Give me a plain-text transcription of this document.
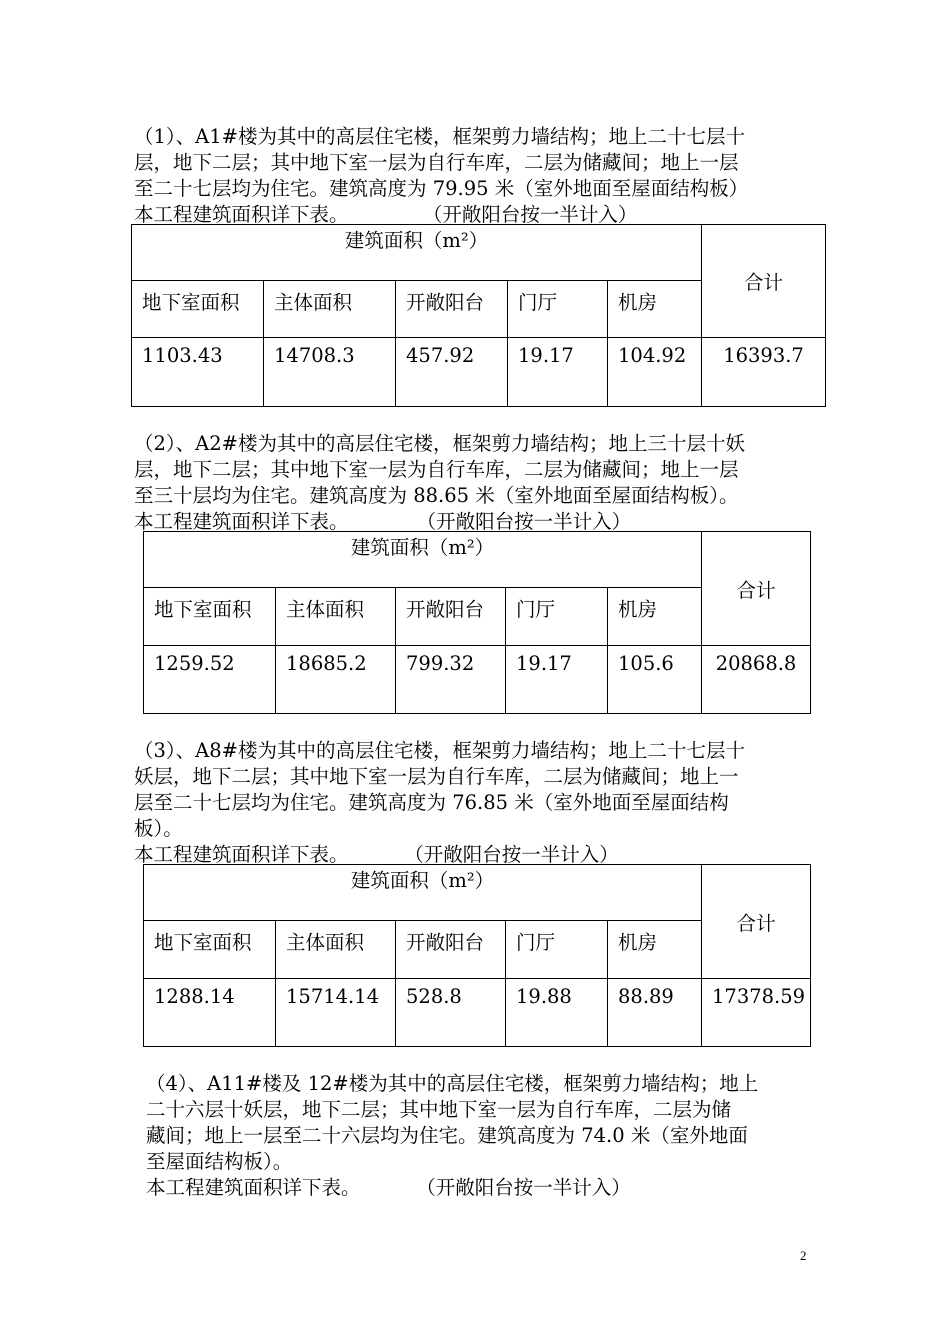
（1）、A1#楼为其中的高层住宅楼，框架剪力墙结构；地上二十七层十
层，地下二层；其中地下室一层为自行车库，二层为储藏间；地上一层
至二十七层均为住宅。建筑高度为 79.95 米（室外地面至屋面结构板）
本工程建筑面积详下表。            （开敞阳台按一半计入）
建筑面积（m²）					合计
地下室面积	主体面积	开敞阳台	门厅	机房	
1103.43	14708.3	457.92	19.17	104.92	16393.7
（2）、A2#楼为其中的高层住宅楼，框架剪力墙结构；地上三十层十妖
层，地下二层；其中地下室一层为自行车库，二层为储藏间；地上一层
至三十层均为住宅。建筑高度为 88.65 米（室外地面至屋面结构板）。
本工程建筑面积详下表。           （开敞阳台按一半计入）
建筑面积（m²）					合计
地下室面积	主体面积	开敞阳台	门厅	机房	
1259.52	18685.2	799.32	19.17	105.6	20868.8
（3）、A8#楼为其中的高层住宅楼，框架剪力墙结构；地上二十七层十
妖层，地下二层；其中地下室一层为自行车库，二层为储藏间；地上一
层至二十七层均为住宅。建筑高度为 76.85 米（室外地面至屋面结构
板）。
本工程建筑面积详下表。         （开敞阳台按一半计入）
建筑面积（m²）					合计
地下室面积	主体面积	开敞阳台	门厅	机房	
1288.14	15714.14	528.8	19.88	88.89	17378.59
（4）、A11#楼及 12#楼为其中的高层住宅楼，框架剪力墙结构；地上
二十六层十妖层，地下二层；其中地下室一层为自行车库，二层为储
藏间；地上一层至二十六层均为住宅。建筑高度为 74.0 米（室外地面
至屋面结构板）。
本工程建筑面积详下表。         （开敞阳台按一半计入）
2
